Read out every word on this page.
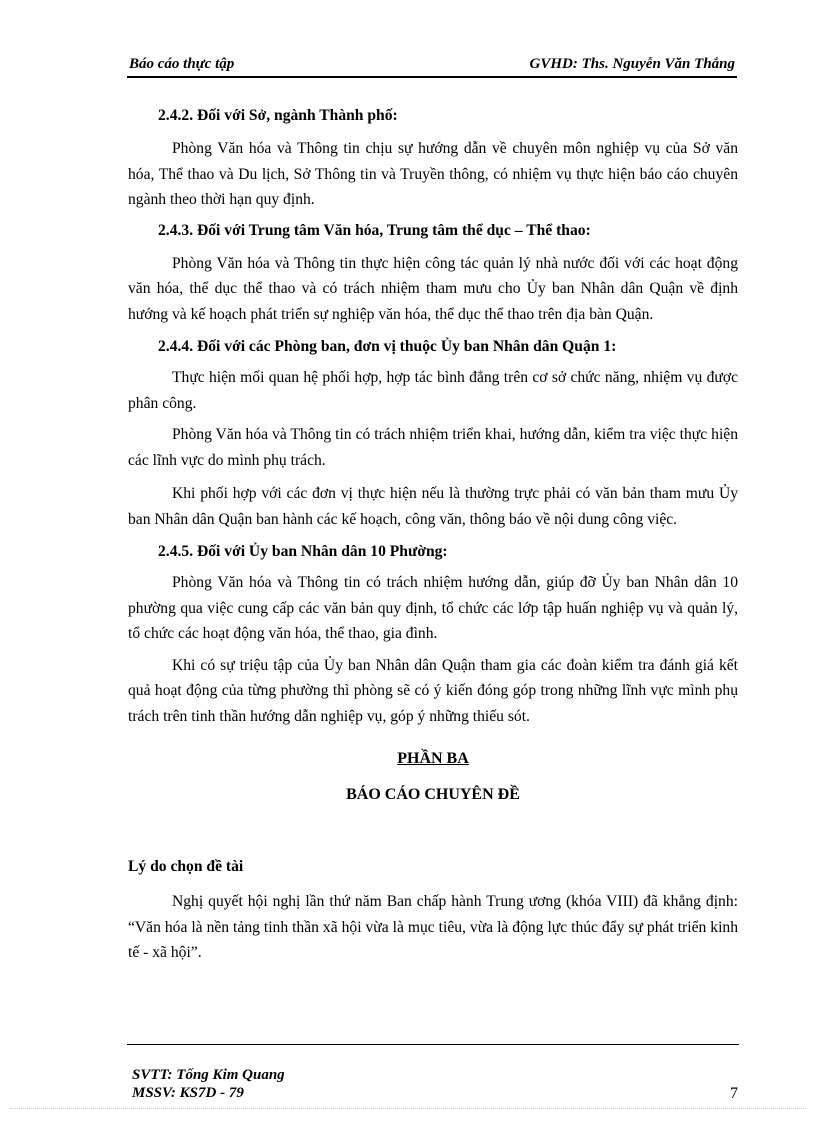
Báo cáo thực tập	GVHD: Ths. Nguyễn Văn Thắng

2.4.2. Đối với Sở, ngành Thành phố:

Phòng Văn hóa và Thông tin chịu sự hướng dẫn về chuyên môn nghiệp vụ của Sở văn hóa, Thể thao và Du lịch, Sở Thông tin và Truyền thông, có nhiệm vụ thực hiện báo cáo chuyên ngành theo thời hạn quy định.

2.4.3. Đối với Trung tâm Văn hóa, Trung tâm thể dục – Thể thao:

Phòng Văn hóa và Thông tin thực hiện công tác quản lý nhà nước đối với các hoạt động văn hóa, thể dục thể thao và có trách nhiệm tham mưu cho Ủy ban Nhân dân Quận về định hướng và kế hoạch phát triển sự nghiệp văn hóa, thể dục thể thao trên địa bàn Quận.

2.4.4. Đối với các Phòng ban, đơn vị thuộc Ủy ban Nhân dân Quận 1:

Thực hiện mối quan hệ phối hợp, hợp tác bình đẳng trên cơ sở chức năng, nhiệm vụ được phân công.

Phòng Văn hóa và Thông tin có trách nhiệm triển khai, hướng dẫn, kiểm tra việc thực hiện các lĩnh vực do mình phụ trách.

Khi phối hợp với các đơn vị thực hiện nếu là thường trực phải có văn bản tham mưu Ủy ban Nhân dân Quận ban hành các kế hoạch, công văn, thông báo về nội dung công việc.

2.4.5. Đối với Ủy ban Nhân dân 10 Phường:

Phòng Văn hóa và Thông tin có trách nhiệm hướng dẫn, giúp đỡ Ủy ban Nhân dân 10 phường qua việc cung cấp các văn bản quy định, tổ chức các lớp tập huấn nghiệp vụ và quản lý, tổ chức các hoạt động văn hóa, thể thao, gia đình.

Khi có sự triệu tập của Ủy ban Nhân dân Quận tham gia các đoàn kiểm tra đánh giá kết quả hoạt động của từng phường thì phòng sẽ có ý kiến đóng góp trong những lĩnh vực mình phụ trách trên tinh thần hướng dẫn nghiệp vụ, góp ý những thiếu sót.

PHẦN BA

BÁO CÁO CHUYÊN ĐỀ

Lý do chọn đề tài

Nghị quyết hội nghị lần thứ năm Ban chấp hành Trung ương (khóa VIII) đã khẳng định: “Văn hóa là nền tảng tinh thần xã hội vừa là mục tiêu, vừa là động lực thúc đẩy sự phát triển kinh tế - xã hội”.

SVTT: Tống Kim Quang
MSSV: KS7D - 79	7
